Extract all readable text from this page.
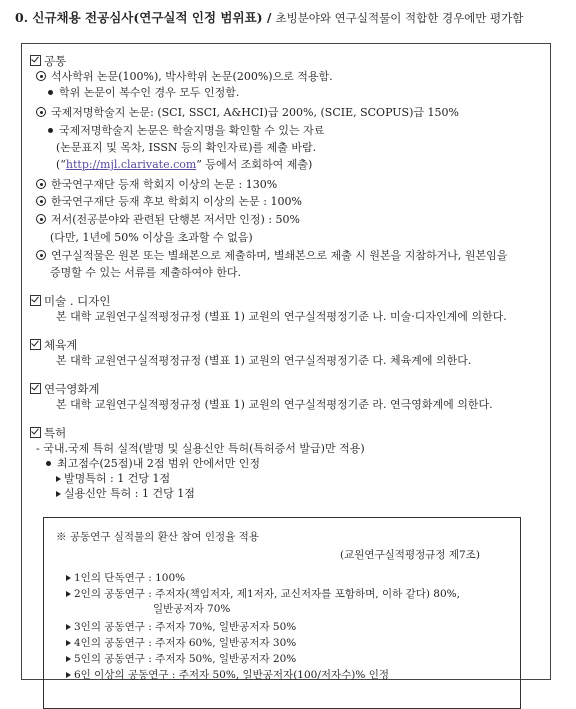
0. 신규채용 전공심사(연구실적 인정 범위표) / 초빙분야와 연구실적물이 적합한 경우에만 평가함
공통
석사학위 논문(100%), 박사학위 논문(200%)으로 적용함.
학위 논문이 복수인 경우 모두 인정함.
국제저명학술지 논문: (SCI, SSCI, A&HCI)급 200%, (SCIE, SCOPUS)급 150%
국제저명학술지 논문은 학술지명을 확인할 수 있는 자료
(논문표지 및 목차, ISSN 등의 확인자료)를 제출 바람.
(“http://mjl.clarivate.com” 등에서 조회하여 제출)
한국연구재단 등재 학회지 이상의 논문 : 130%
한국연구재단 등재 후보 학회지 이상의 논문 : 100%
저서(전공분야와 관련된 단행본 저서만 인정) : 50%
(다만, 1년에 50% 이상을 초과할 수 없음)
연구실적물은 원본 또는 별쇄본으로 제출하며, 별쇄본으로 제출 시 원본을 지참하거나, 원본임을
증명할 수 있는 서류를 제출하여야 한다.
미술 . 디자인
본 대학 교원연구실적평정규정 (별표 1) 교원의 연구실적평정기준 나. 미술·디자인계에 의한다.
체육계
본 대학 교원연구실적평정규정 (별표 1) 교원의 연구실적평정기준 다. 체육계에 의한다.
연극영화계
본 대학 교원연구실적평정규정 (별표 1) 교원의 연구실적평정기준 라. 연극영화계에 의한다.
특허
- 국내.국제 특허 실적(발명 및 실용신안 특허(특허증서 발급)만 적용)
최고점수(25점)내 2점 범위 안에서만 인정
발명특허 : 1 건당 1점
실용신안 특허 : 1 건당 1점
※ 공동연구 실적물의 환산 참여 인정율 적용
(교원연구실적평정규정 제7조)
1인의 단독연구 : 100%
2인의 공동연구 : 주저자(책임저자, 제1저자, 교신저자를 포함하며, 이하 같다) 80%,
일반공저자 70%
3인의 공동연구 : 주저자 70%, 일반공저자 50%
4인의 공동연구 : 주저자 60%, 일반공저자 30%
5인의 공동연구 : 주저자 50%, 일반공저자 20%
6인 이상의 공동연구 : 주저자 50%, 일반공저자(100/저자수)% 인정
